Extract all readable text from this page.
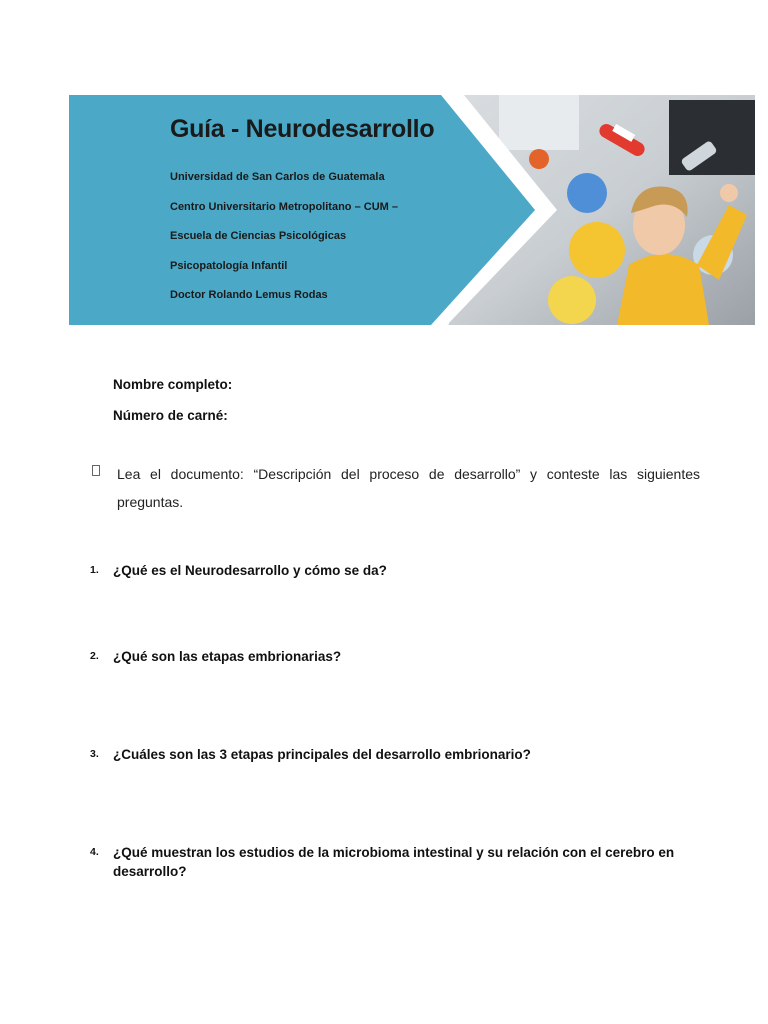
Guía - Neurodesarrollo
Universidad de San Carlos de Guatemala
Centro Universitario Metropolitano – CUM –
Escuela de Ciencias Psicológicas
Psicopatología Infantil
Doctor Rolando Lemus Rodas
Nombre completo:
Número de carné:
Lea el documento: “Descripción del proceso de desarrollo” y conteste las siguientes preguntas.
1. ¿Qué es el Neurodesarrollo y cómo se da?
2. ¿Qué son las etapas embrionarias?
3. ¿Cuáles son las 3 etapas principales del desarrollo embrionario?
4. ¿Qué muestran los estudios de la microbioma intestinal y su relación con el cerebro en desarrollo?
